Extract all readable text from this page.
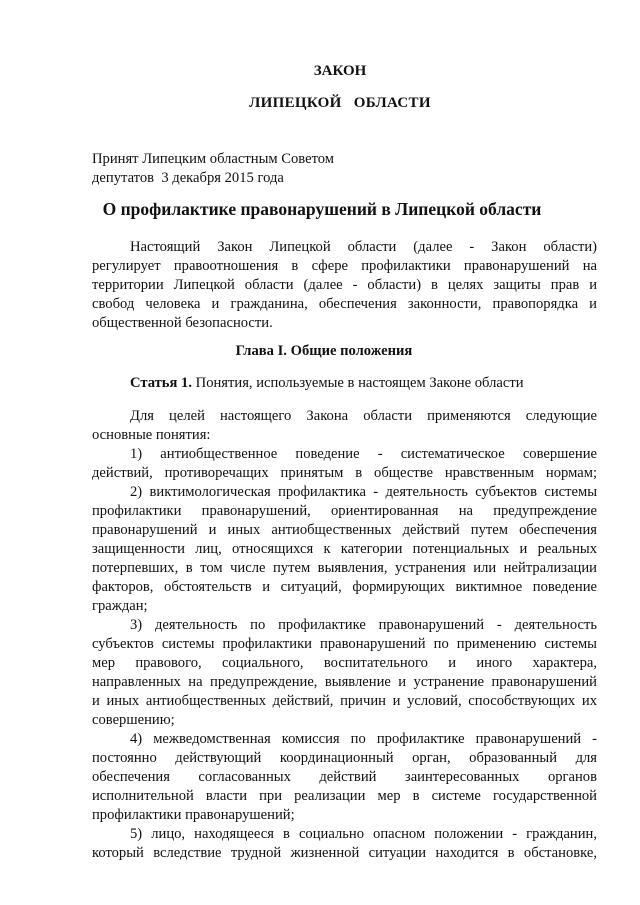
ЗАКОН
ЛИПЕЦКОЙ   ОБЛАСТИ
Принят Липецким областным Советом
депутатов  3 декабря 2015 года
О профилактике правонарушений в Липецкой области
Настоящий Закон Липецкой области (далее - Закон области)
регулирует правоотношения в сфере профилактики правонарушений на
территории Липецкой области (далее - области) в целях защиты прав и
свобод человека и гражданина, обеспечения законности, правопорядка и
общественной безопасности.
Глава I. Общие положения
Статья 1. Понятия, используемые в настоящем Законе области
Для целей настоящего Закона области применяются следующие
основные понятия:
1) антиобщественное поведение - систематическое совершение
действий, противоречащих принятым в обществе нравственным нормам;
2) виктимологическая профилактика - деятельность субъектов системы
профилактики правонарушений, ориентированная на предупреждение
правонарушений и иных антиобщественных действий путем обеспечения
защищенности лиц, относящихся к категории потенциальных и реальных
потерпевших, в том числе путем выявления, устранения или нейтрализации
факторов, обстоятельств и ситуаций, формирующих виктимное поведение
граждан;
3) деятельность по профилактике правонарушений - деятельность
субъектов системы профилактики правонарушений по применению системы
мер правового, социального, воспитательного и иного характера,
направленных на предупреждение, выявление и устранение правонарушений
и иных антиобщественных действий, причин и условий, способствующих их
совершению;
4) межведомственная комиссия по профилактике правонарушений -
постоянно действующий координационный орган, образованный для
обеспечения согласованных действий заинтересованных органов
исполнительной власти при реализации мер в системе государственной
профилактики правонарушений;
5) лицо, находящееся в социально опасном положении - гражданин,
который вследствие трудной жизненной ситуации находится в обстановке,
